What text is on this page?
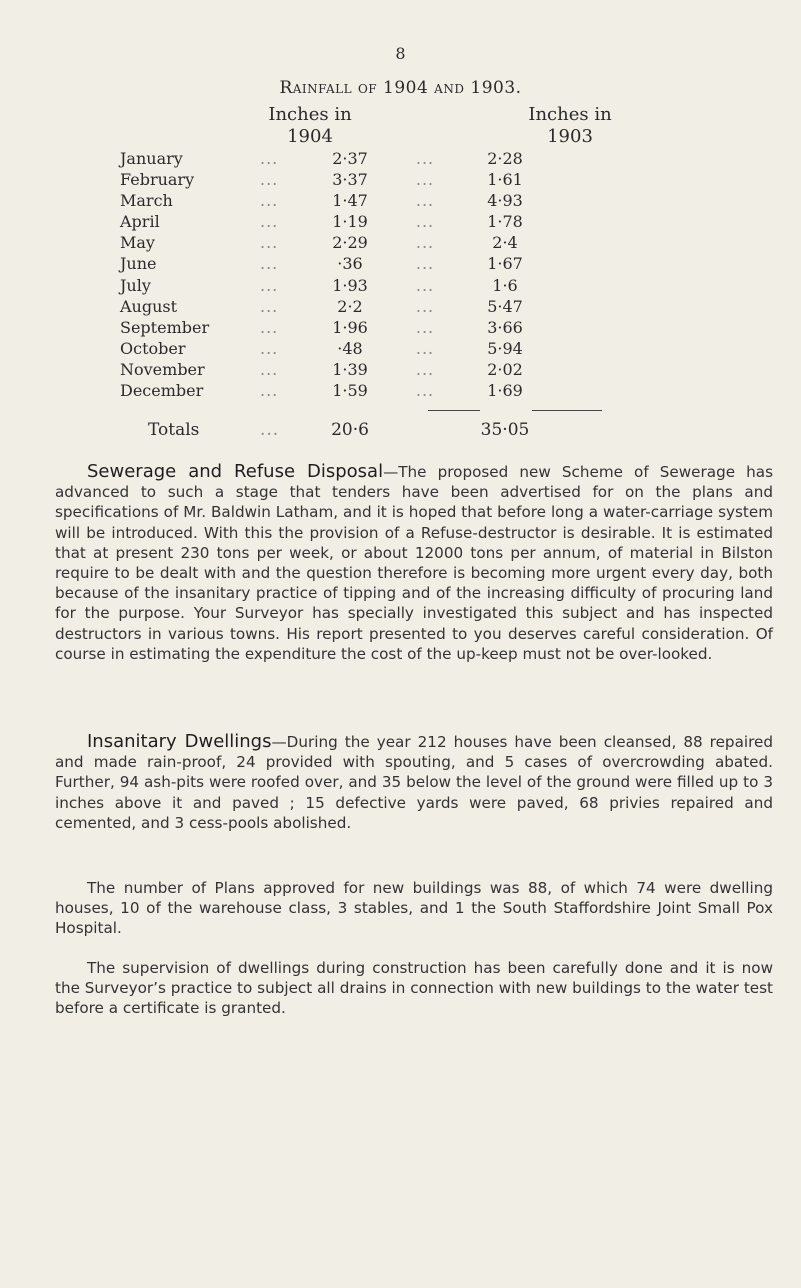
8
Rainfall of 1904 and 1903.
Inches in
1904
Inches in
1903
January	...	2·37	...	2·28
February	...	3·37	...	1·61
March	...	1·47	...	4·93
April	...	1·19	...	1·78
May	...	2·29	...	2·4
June	...	·36	...	1·67
July	...	1·93	...	1·6
August	...	2·2	...	5·47
September	...	1·96	...	3·66
October	...	·48	...	5·94
November	...	1·39	...	2·02
December	...	1·59	...	1·69
Totals	...	20·6	35·05
Sewerage and Refuse Disposal—The proposed new Scheme of Sewerage has advanced to such a stage that tenders have been advertised for on the plans and specifications of Mr. Baldwin Latham, and it is hoped that before long a water-carriage system will be introduced. With this the provision of a Refuse-destructor is desirable. It is estimated that at present 230 tons per week, or about 12000 tons per annum, of material in Bilston require to be dealt with and the question therefore is becoming more urgent every day, both because of the insanitary practice of tipping and of the increasing difficulty of procuring land for the purpose. Your Surveyor has specially investigated this subject and has inspected destructors in various towns. His report presented to you deserves careful consideration. Of course in estimating the expenditure the cost of the up-keep must not be over-looked.
Insanitary Dwellings—During the year 212 houses have been cleansed, 88 repaired and made rain-proof, 24 provided with spouting, and 5 cases of overcrowding abated. Further, 94 ash-pits were roofed over, and 35 below the level of the ground were filled up to 3 inches above it and paved ; 15 defective yards were paved, 68 privies repaired and cemented, and 3 cess-pools abolished.
The number of Plans approved for new buildings was 88, of which 74 were dwelling houses, 10 of the warehouse class, 3 stables, and 1 the South Staffordshire Joint Small Pox Hospital.
The supervision of dwellings during construction has been carefully done and it is now the Surveyor’s practice to subject all drains in connection with new buildings to the water test before a certificate is granted.
